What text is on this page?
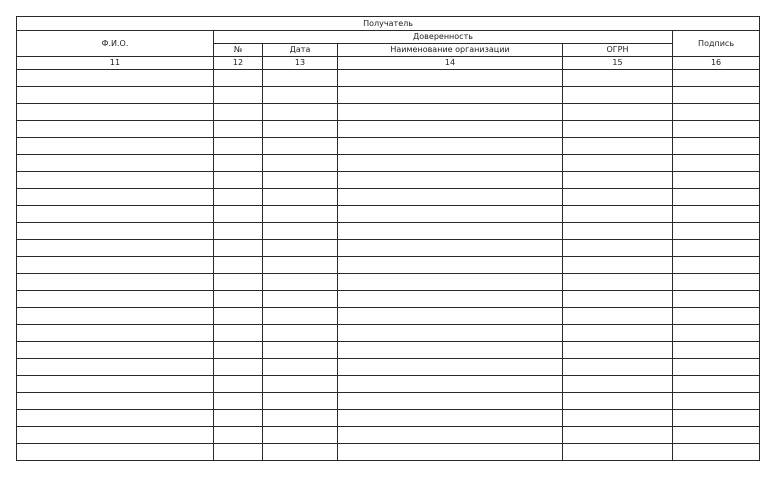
Получатель					
Ф.И.О.	Доверенность				Подпись
	№	Дата	Наименование организации	ОГРН	
11	12	13	14	15	16
